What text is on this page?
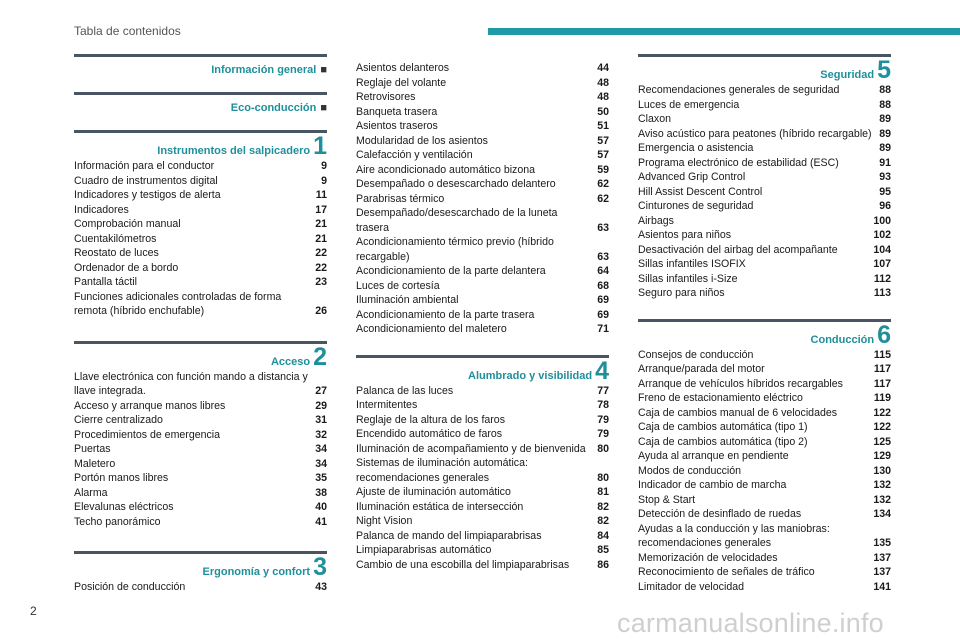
Tabla de contenidos
Información general ■
Eco-conducción ■
Instrumentos del salpicadero 1
Información para el conductor	9
Cuadro de instrumentos digital	9
Indicadores y testigos de alerta	11
Indicadores	17
Comprobación manual	21
Cuentakilómetros	21
Reostato de luces	22
Ordenador de a bordo	22
Pantalla táctil	23
Funciones adicionales controladas de forma remota (híbrido enchufable)	26
Acceso 2
Llave electrónica con función mando a distancia y llave integrada.	27
Acceso y arranque manos libres	29
Cierre centralizado	31
Procedimientos de emergencia	32
Puertas	34
Maletero	34
Portón manos libres	35
Alarma	38
Elevalunas eléctricos	40
Techo panorámico	41
Ergonomía y confort 3
Posición de conducción	43
Asientos delanteros	44
Reglaje del volante	48
Retrovisores	48
Banqueta trasera	50
Asientos traseros	51
Modularidad de los asientos	57
Calefacción y ventilación	57
Aire acondicionado automático bizona	59
Desempañado o desescarchado delantero	62
Parabrisas térmico	62
Desempañado/desescarchado de la luneta trasera	63
Acondicionamiento térmico previo (híbrido recargable)	63
Acondicionamiento de la parte delantera	64
Luces de cortesía	68
Iluminación ambiental	69
Acondicionamiento de la parte trasera	69
Acondicionamiento del maletero	71
Alumbrado y visibilidad 4
Palanca de las luces	77
Intermitentes	78
Reglaje de la altura de los faros	79
Encendido automático de faros	79
Iluminación de acompañamiento y de bienvenida	80
Sistemas de iluminación automática: recomendaciones generales	80
Ajuste de iluminación automático	81
Iluminación estática de intersección	82
Night Vision	82
Palanca de mando del limpiaparabrisas	84
Limpiaparabrisas automático	85
Cambio de una escobilla del limpiaparabrisas	86
Seguridad 5
Recomendaciones generales de seguridad	88
Luces de emergencia	88
Claxon	89
Aviso acústico para peatones (híbrido recargable) 89
Emergencia o asistencia	89
Programa electrónico de estabilidad (ESC)	91
Advanced Grip Control	93
Hill Assist Descent Control	95
Cinturones de seguridad	96
Airbags	100
Asientos para niños	102
Desactivación del airbag del acompañante	104
Sillas infantiles ISOFIX	107
Sillas infantiles i-Size	112
Seguro para niños	113
Conducción 6
Consejos de conducción	115
Arranque/parada del motor	117
Arranque de vehículos híbridos recargables	117
Freno de estacionamiento eléctrico	119
Caja de cambios manual de 6 velocidades	122
Caja de cambios automática (tipo 1)	122
Caja de cambios automática (tipo 2)	125
Ayuda al arranque en pendiente	129
Modos de conducción	130
Indicador de cambio de marcha	132
Stop & Start	132
Detección de desinflado de ruedas	134
Ayudas a la conducción y las maniobras: recomendaciones generales	135
Memorización de velocidades	137
Reconocimiento de señales de tráfico	137
Limitador de velocidad	141
2	carmanualsonline.info
